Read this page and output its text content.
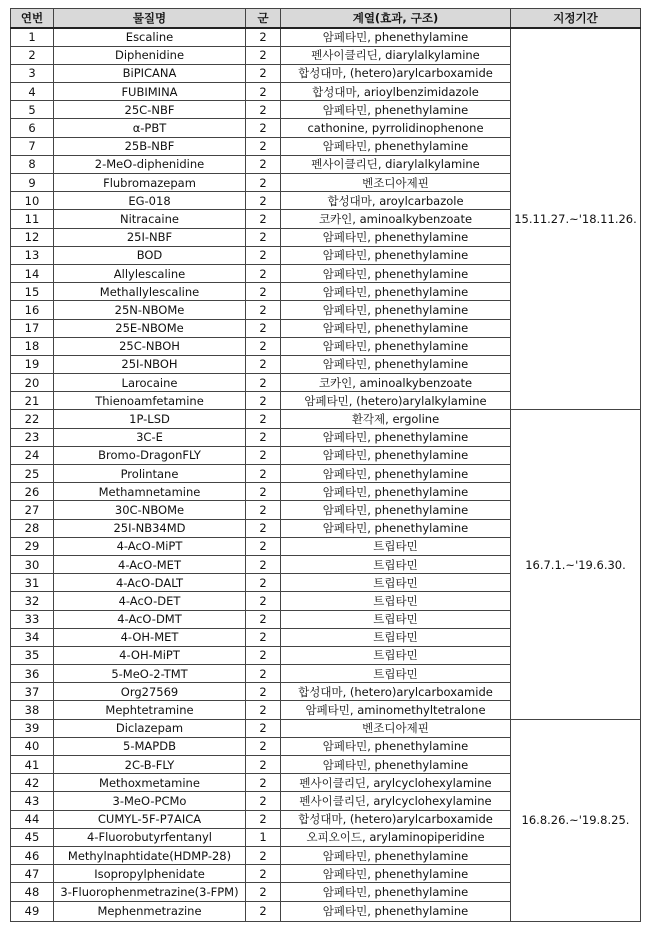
연번	물질명	군	계열(효과, 구조)	지정기간
1	Escaline	2	암페타민, phenethylamine	15.11.27.~'18.11.26.
2	Diphenidine	2	펜사이클리딘, diarylalkylamine	
3	BiPICANA	2	합성대마, (hetero)arylcarboxamide	
4	FUBIMINA	2	합성대마, arioylbenzimidazole	
5	25C-NBF	2	암페타민, phenethylamine	
6	α-PBT	2	cathonine, pyrrolidinophenone	
7	25B-NBF	2	암페타민, phenethylamine	
8	2-MeO-diphenidine	2	펜사이클리딘, diarylalkylamine	
9	Flubromazepam	2	벤조디아제핀	
10	EG-018	2	합성대마, aroylcarbazole	
11	Nitracaine	2	코카인, aminoalkybenzoate	
12	25I-NBF	2	암페타민, phenethylamine	
13	BOD	2	암페타민, phenethylamine	
14	Allylescaline	2	암페타민, phenethylamine	
15	Methallylescaline	2	암페타민, phenethylamine	
16	25N-NBOMe	2	암페타민, phenethylamine	
17	25E-NBOMe	2	암페타민, phenethylamine	
18	25C-NBOH	2	암페타민, phenethylamine	
19	25I-NBOH	2	암페타민, phenethylamine	
20	Larocaine	2	코카인, aminoalkybenzoate	
21	Thienoamfetamine	2	암페타민, (hetero)arylalkylamine	
22	1P-LSD	2	환각제, ergoline	16.7.1.~'19.6.30.
23	3C-E	2	암페타민, phenethylamine	
24	Bromo-DragonFLY	2	암페타민, phenethylamine	
25	Prolintane	2	암페타민, phenethylamine	
26	Methamnetamine	2	암페타민, phenethylamine	
27	30C-NBOMe	2	암페타민, phenethylamine	
28	25I-NB34MD	2	암페타민, phenethylamine	
29	4-AcO-MiPT	2	트립타민	
30	4-AcO-MET	2	트립타민	
31	4-AcO-DALT	2	트립타민	
32	4-AcO-DET	2	트립타민	
33	4-AcO-DMT	2	트립타민	
34	4-OH-MET	2	트립타민	
35	4-OH-MiPT	2	트립타민	
36	5-MeO-2-TMT	2	트립타민	
37	Org27569	2	합성대마, (hetero)arylcarboxamide	
38	Mephtetramine	2	암페타민, aminomethyltetralone	
39	Diclazepam	2	벤조디아제핀	16.8.26.~'19.8.25.
40	5-MAPDB	2	암페타민, phenethylamine	
41	2C-B-FLY	2	암페타민, phenethylamine	
42	Methoxmetamine	2	펜사이클리딘, arylcyclohexylamine	
43	3-MeO-PCMo	2	펜사이클리딘, arylcyclohexylamine	
44	CUMYL-5F-P7AICA	2	합성대마, (hetero)arylcarboxamide	
45	4-Fluorobutyrfentanyl	1	오피오이드, arylaminopiperidine	
46	Methylnaphtidate(HDMP-28)	2	암페타민, phenethylamine	
47	Isopropylphenidate	2	암페타민, phenethylamine	
48	3-Fluorophenmetrazine(3-FPM)	2	암페타민, phenethylamine	
49	Mephenmetrazine	2	암페타민, phenethylamine	
